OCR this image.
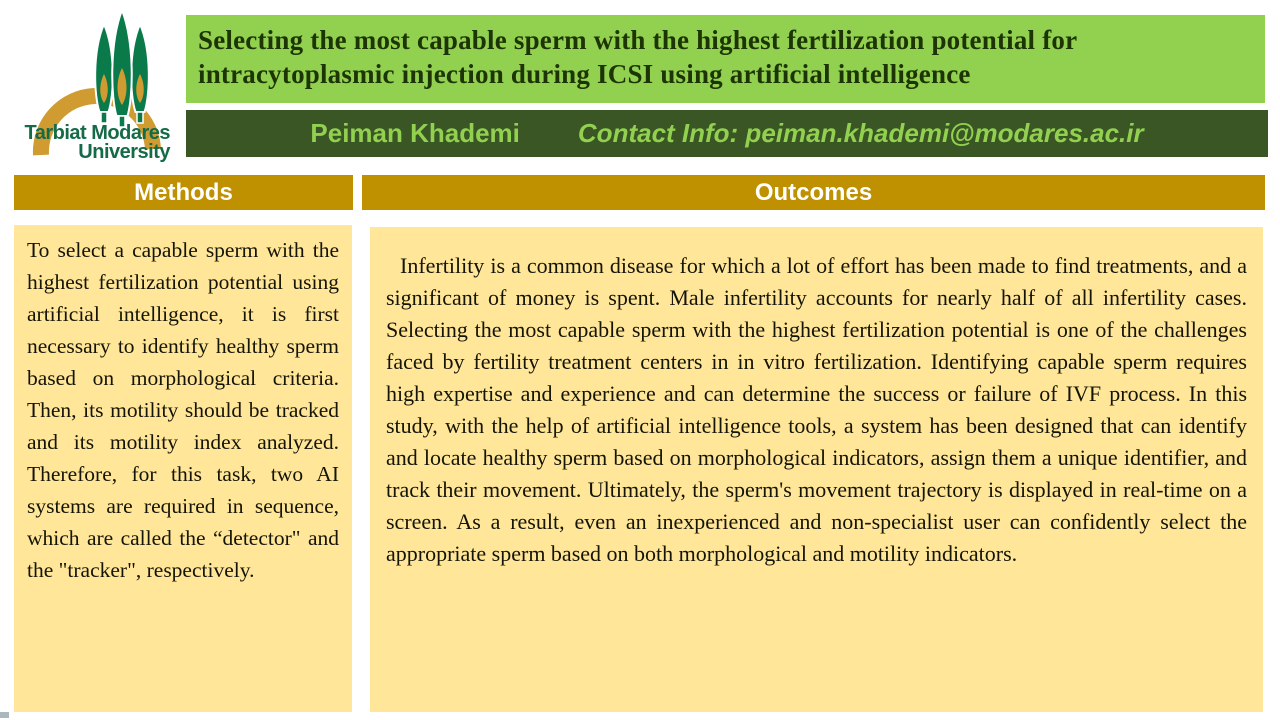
Tarbiat Modares
University
Selecting the most capable sperm with the highest fertilization potential for intracytoplasmic injection during ICSI using artificial intelligence
Peiman Khademi Contact Info: peiman.khademi@modares.ac.ir
Methods
To select a capable sperm with the highest fertilization potential using artificial intelligence, it is first necessary to identify healthy sperm based on morphological criteria. Then, its motility should be tracked and its motility index analyzed. Therefore, for this task, two AI systems are required in sequence, which are called the “detector" and the "tracker", respectively.
Outcomes

Infertility is a common disease for which a lot of effort has been made to find treatments, and a significant of money is spent. Male infertility accounts for nearly half of all infertility cases. Selecting the most capable sperm with the highest fertilization potential is one of the challenges faced by fertility treatment centers in in vitro fertilization. Identifying capable sperm requires high expertise and experience and can determine the success or failure of IVF process. In this study, with the help of artificial intelligence tools, a system has been designed that can identify and locate healthy sperm based on morphological indicators, assign them a unique identifier, and track their movement. Ultimately, the sperm's movement trajectory is displayed in real-time on a screen. As a result, even an inexperienced and non-specialist user can confidently select the appropriate sperm based on both morphological and motility indicators.
